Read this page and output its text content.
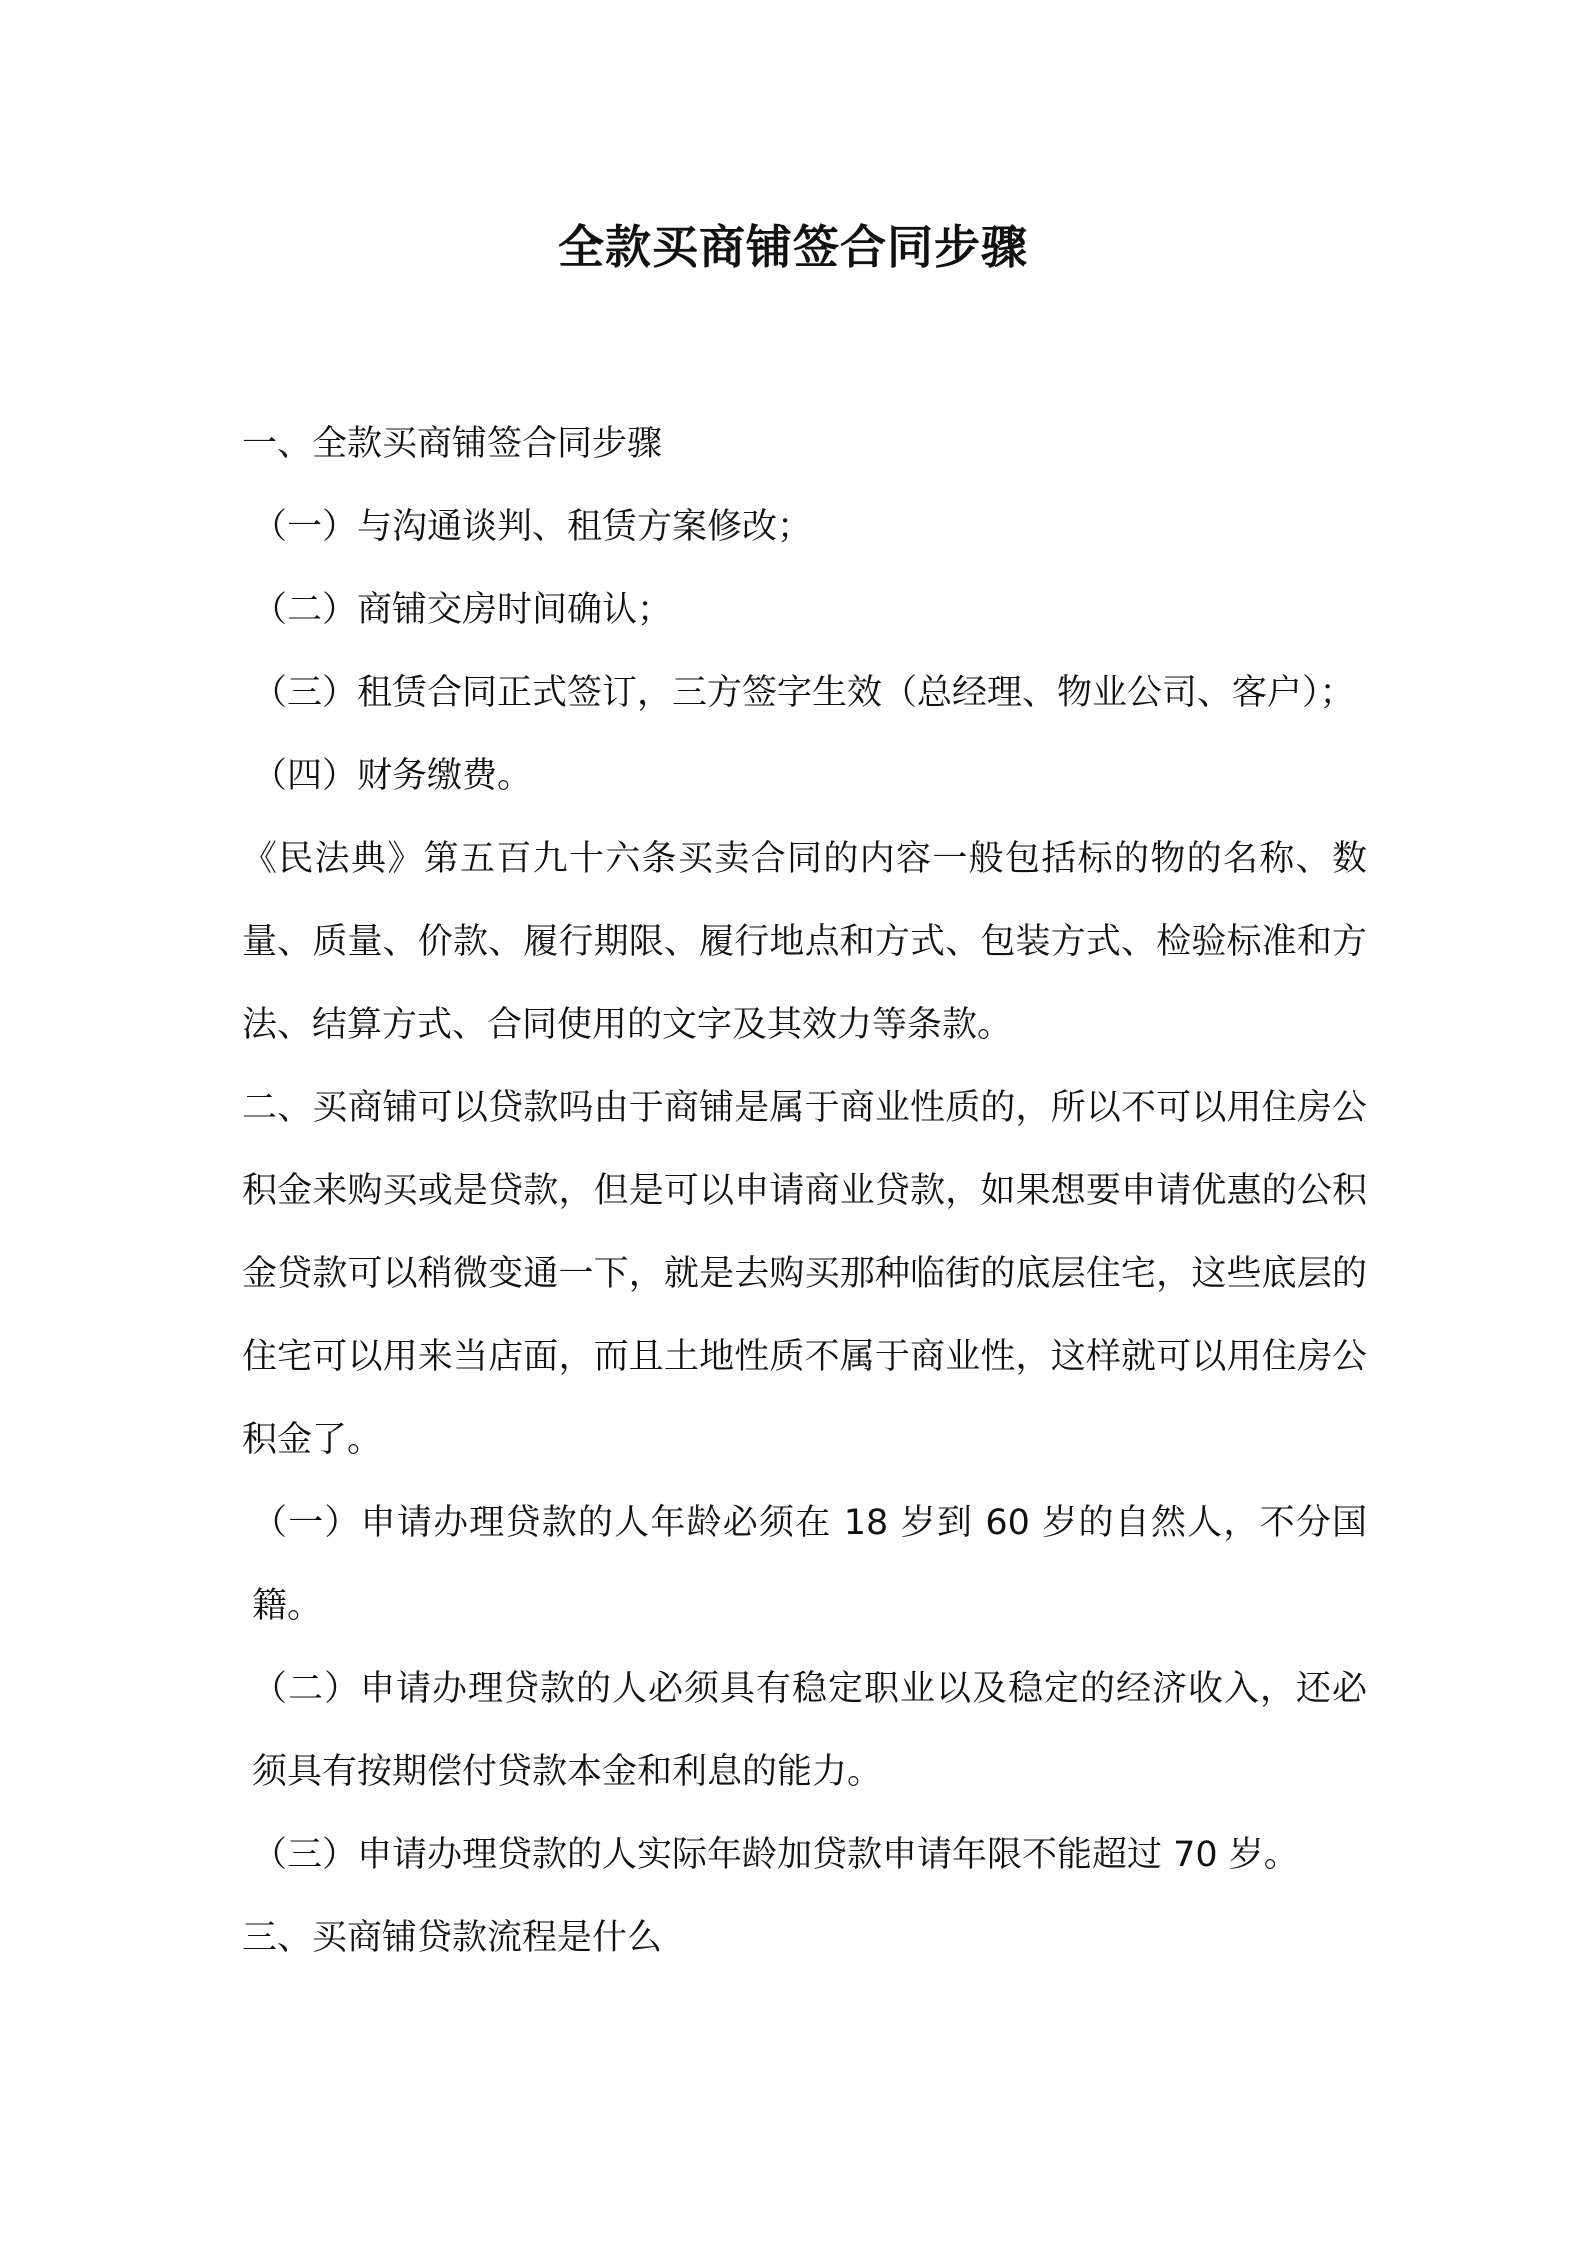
全款买商铺签合同步骤

一、全款买商铺签合同步骤

（一）与沟通谈判、租赁方案修改；

（二）商铺交房时间确认；

（三）租赁合同正式签订，三方签字生效（总经理、物业公司、客户）；

（四）财务缴费。

《民法典》第五百九十六条买卖合同的内容一般包括标的物的名称、数量、质量、价款、履行期限、履行地点和方式、包装方式、检验标准和方法、结算方式、合同使用的文字及其效力等条款。

二、买商铺可以贷款吗由于商铺是属于商业性质的，所以不可以用住房公积金来购买或是贷款，但是可以申请商业贷款，如果想要申请优惠的公积金贷款可以稍微变通一下，就是去购买那种临街的底层住宅，这些底层的住宅可以用来当店面，而且土地性质不属于商业性，这样就可以用住房公积金了。

（一）申请办理贷款的人年龄必须在 18 岁到 60 岁的自然人，不分国籍。

（二）申请办理贷款的人必须具有稳定职业以及稳定的经济收入，还必须具有按期偿付贷款本金和利息的能力。

（三）申请办理贷款的人实际年龄加贷款申请年限不能超过 70 岁。

三、买商铺贷款流程是什么
